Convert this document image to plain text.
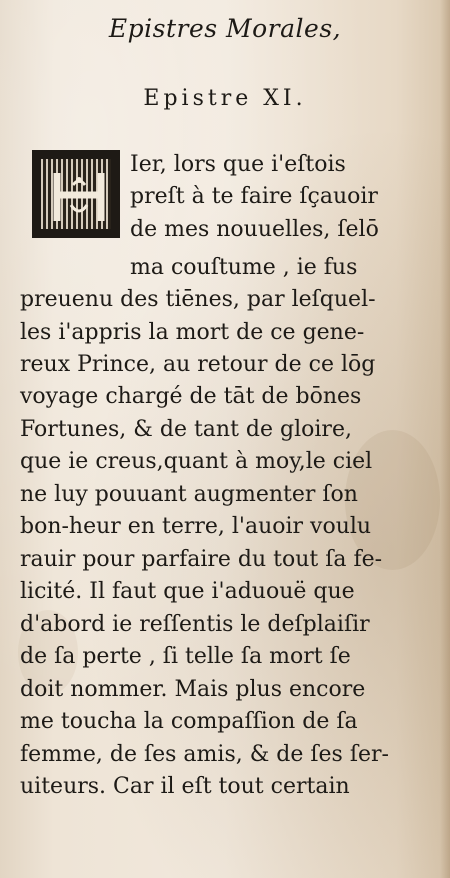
Epistres Morales,
Epistre XI.
Ier, lors que i'eſtois
preſt à te faire ſçauoir
de mes nouuelles, ſelō
ma couſtume , ie fus
preuenu des tiēnes, par leſquel-
les i'appris la mort de ce gene-
reux Prince, au retour de ce lōg
voyage chargé de tāt de bōnes
Fortunes, & de tant de gloire,
que ie creus,quant à moy,le ciel
ne luy pouuant augmenter ſon
bon-heur en terre, l'auoir voulu
rauir pour parfaire du tout ſa fe-
licité. Il faut que i'aduouë que
d'abord ie reſſentis le deſplaiſir
de ſa perte , ſi telle ſa mort ſe
doit nommer. Mais plus encore
me toucha la compaſſion de ſa
femme, de ſes amis, & de ſes ſer-
uiteurs. Car il eſt tout certain
